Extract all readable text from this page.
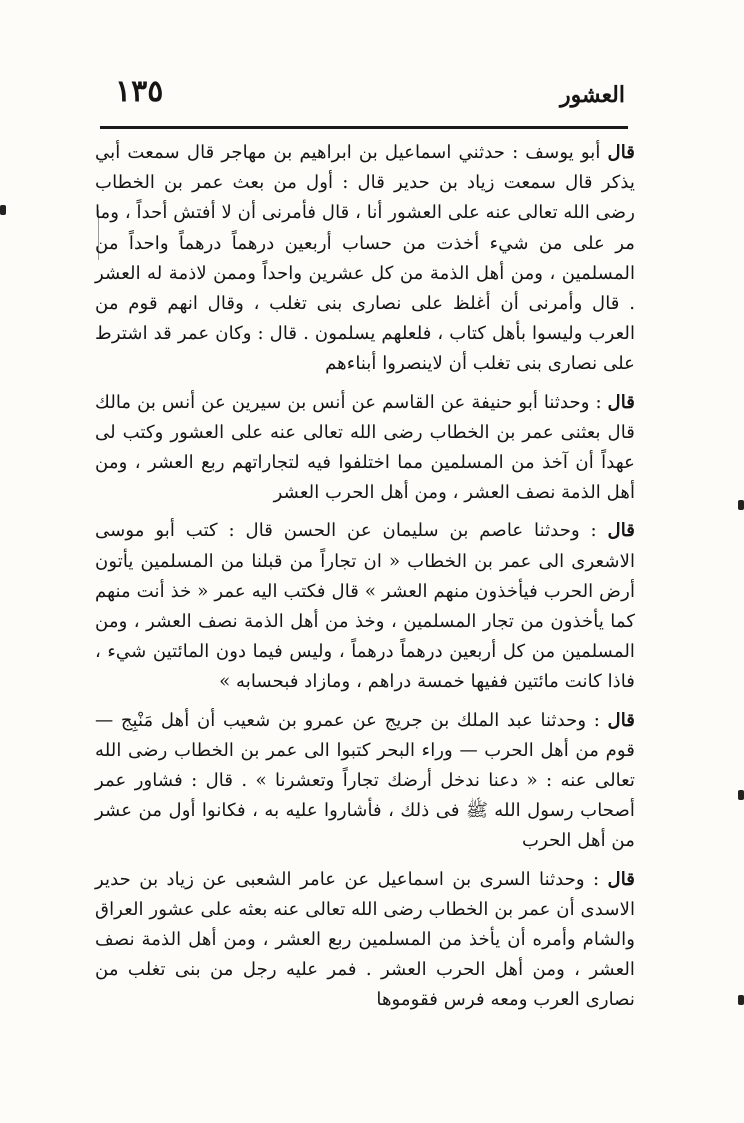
العشور
١٣٥

قال أبو يوسف : حدثني اسماعيل بن ابراهيم بن مهاجر قال سمعت أبي يذكر قال سمعت زياد بن حدير قال : أول من بعث عمر بن الخطاب رضى الله تعالى عنه على العشور أنا ، قال فأمرنى أن لا أفتش أحداً ، وما مر على من شيء أخذت من حساب أربعين درهماً درهماً واحداً من المسلمين ، ومن أهل الذمة من كل عشرين واحداً وممن لاذمة له العشر . قال وأمرنى أن أغلظ على نصارى بنى تغلب ، وقال انهم قوم من العرب وليسوا بأهل كتاب ، فلعلهم يسلمون . قال : وكان عمر قد اشترط على نصارى بنى تغلب أن لاينصروا أبناءهم

قال : وحدثنا أبو حنيفة عن القاسم عن أنس بن سيرين عن أنس بن مالك قال بعثنى عمر بن الخطاب رضى الله تعالى عنه على العشور وكتب لى عهداً أن آخذ من المسلمين مما اختلفوا فيه لتجاراتهم ربع العشر ، ومن أهل الذمة نصف العشر ، ومن أهل الحرب العشر

قال : وحدثنا عاصم بن سليمان عن الحسن قال : كتب أبو موسى الاشعرى الى عمر بن الخطاب « ان تجاراً من قبلنا من المسلمين يأتون أرض الحرب فيأخذون منهم العشر » قال فكتب اليه عمر « خذ أنت منهم كما يأخذون من تجار المسلمين ، وخذ من أهل الذمة نصف العشر ، ومن المسلمين من كل أربعين درهماً درهماً ، وليس فيما دون المائتين شيء ، فاذا كانت مائتين ففيها خمسة دراهم ، ومازاد فبحسابه »

قال : وحدثنا عبد الملك بن جريج عن عمرو بن شعيب أن أهل مَنْبِج — قوم من أهل الحرب — وراء البحر كتبوا الى عمر بن الخطاب رضى الله تعالى عنه : « دعنا ندخل أرضك تجاراً وتعشرنا » . قال : فشاور عمر أصحاب رسول الله ﷺ فى ذلك ، فأشاروا عليه به ، فكانوا أول من عشر من أهل الحرب

قال : وحدثنا السرى بن اسماعيل عن عامر الشعبى عن زياد بن حدير الاسدى أن عمر بن الخطاب رضى الله تعالى عنه بعثه على عشور العراق والشام وأمره أن يأخذ من المسلمين ربع العشر ، ومن أهل الذمة نصف العشر ، ومن أهل الحرب العشر . فمر عليه رجل من بنى تغلب من نصارى العرب ومعه فرس فقوموها
